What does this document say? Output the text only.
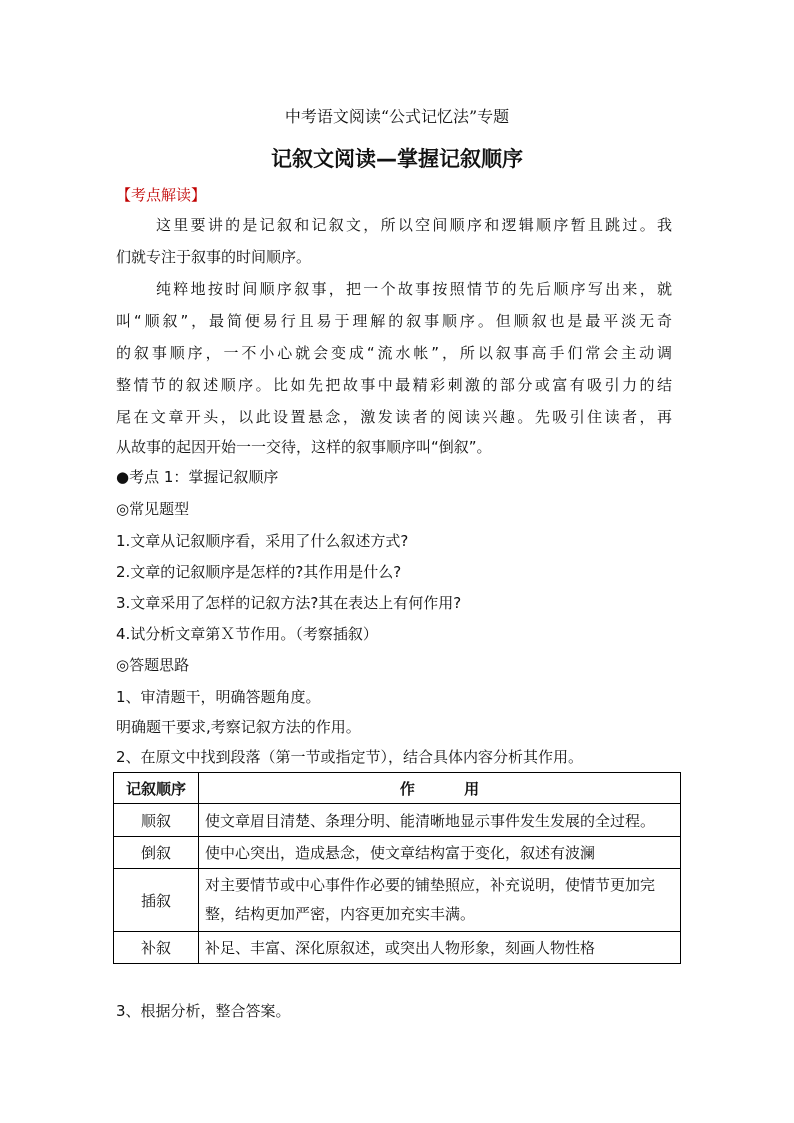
中考语文阅读“公式记忆法”专题
记叙文阅读—掌握记叙顺序
【考点解读】
这里要讲的是记叙和记叙文，所以空间顺序和逻辑顺序暂且跳过。我
们就专注于叙事的时间顺序。
纯粹地按时间顺序叙事，把一个故事按照情节的先后顺序写出来，就
叫“顺叙”，最简便易行且易于理解的叙事顺序。但顺叙也是最平淡无奇
的叙事顺序，一不小心就会变成“流水帐”，所以叙事高手们常会主动调
整情节的叙述顺序。比如先把故事中最精彩刺激的部分或富有吸引力的结
尾在文章开头，以此设置悬念，激发读者的阅读兴趣。先吸引住读者，再
从故事的起因开始一一交待，这样的叙事顺序叫“倒叙”。
●考点 1：掌握记叙顺序
◎常见题型
1.文章从记叙顺序看，采用了什么叙述方式?
2.文章的记叙顺序是怎样的?其作用是什么?
3.文章采用了怎样的记叙方法?其在表达上有何作用?
4.试分析文章第Ｘ节作用。（考察插叙）
◎答题思路
1、审清题干，明确答题角度。
明确题干要求,考察记叙方法的作用。
2、在原文中找到段落（第一节或指定节），结合具体内容分析其作用。
记叙顺序	作 用
顺叙	使文章眉目清楚、条理分明、能清晰地显示事件发生发展的全过程。
倒叙	使中心突出，造成悬念，使文章结构富于变化，叙述有波澜
插叙	对主要情节或中心事件作必要的铺垫照应，补充说明，使情节更加完整，结构更加严密，内容更加充实丰满。
补叙	补足、丰富、深化原叙述，或突出人物形象，刻画人物性格
3、根据分析，整合答案。
